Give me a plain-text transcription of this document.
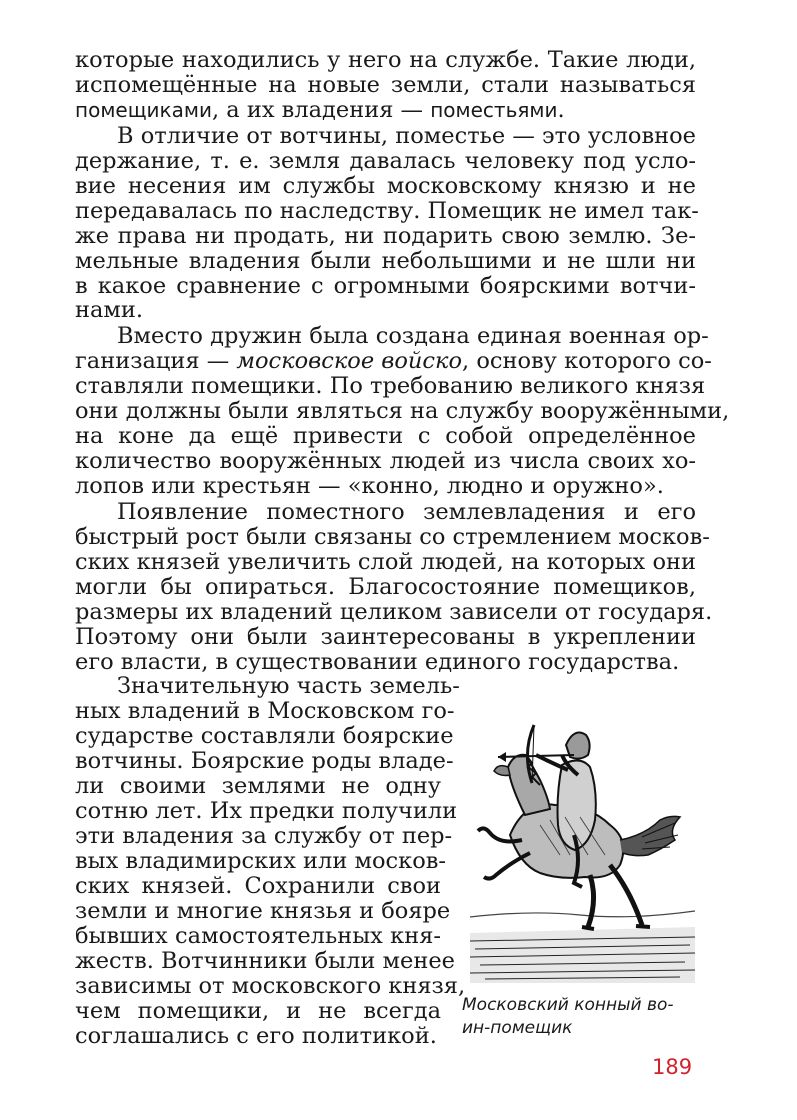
которые находились у него на службе. Такие люди,
испомещённые на новые земли, стали называться
помещиками, а их владения — поместьями.
В отличие от вотчины, поместье — это условное
держание, т. е. земля давалась человеку под усло-
вие несения им службы московскому князю и не
передавалась по наследству. Помещик не имел так-
же права ни продать, ни подарить свою землю. Зе-
мельные владения были небольшими и не шли ни
в какое сравнение с огромными боярскими вотчи-
нами.
Вместо дружин была создана единая военная ор-
ганизация — московское войско, основу которого со-
ставляли помещики. По требованию великого князя
они должны были являться на службу вооружёнными,
на коне да ещё привести с собой определённое
количество вооружённых людей из числа своих хо-
лопов или крестьян — «конно, людно и оружно».
Появление поместного землевладения и его
быстрый рост были связаны со стремлением москов-
ских князей увеличить слой людей, на которых они
могли бы опираться. Благосостояние помещиков,
размеры их владений целиком зависели от государя.
Поэтому они были заинтересованы в укреплении
его власти, в существовании единого государства.
Значительную часть земель-
ных владений в Московском го-
сударстве составляли боярские
вотчины. Боярские роды владе-
ли своими землями не одну
сотню лет. Их предки получили
эти владения за службу от пер-
вых владимирских или москов-
ских князей. Сохранили свои
земли и многие князья и бояре
бывших самостоятельных кня-
жеств. Вотчинники были менее
зависимы от московского князя,
чем помещики, и не всегда
соглашались с его политикой.
Московский конный во-
ин-помещик
189
